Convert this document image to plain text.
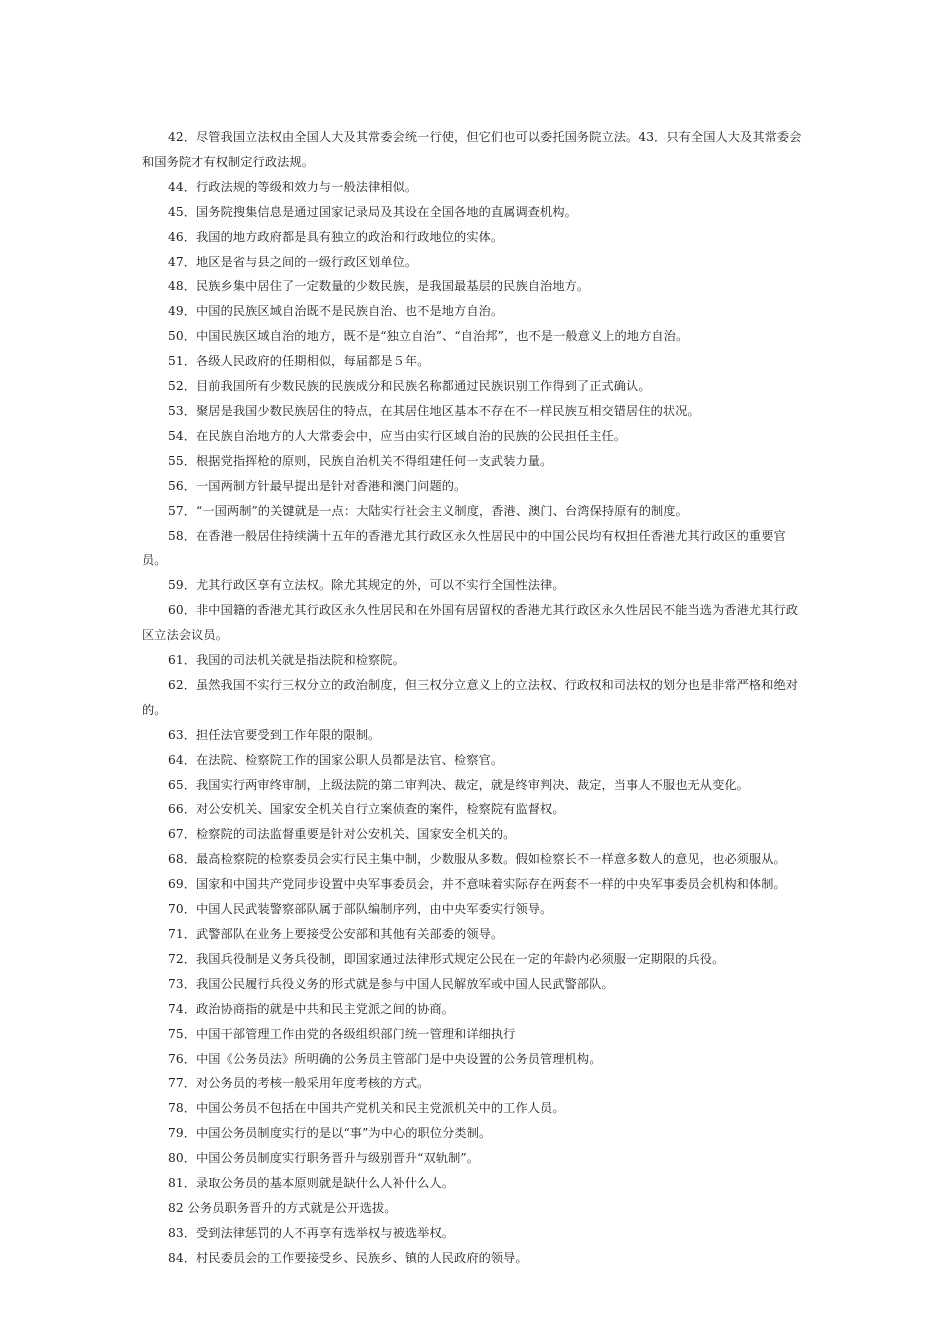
42．尽管我国立法权由全国人大及其常委会统一行使，但它们也可以委托国务院立法。43．只有全国人大及其常委会和国务院才有权制定行政法规。

44．行政法规的等级和效力与一般法律相似。

45．国务院搜集信息是通过国家记录局及其设在全国各地的直属调查机构。

46．我国的地方政府都是具有独立的政治和行政地位的实体。

47．地区是省与县之间的一级行政区划单位。

48．民族乡集中居住了一定数量的少数民族，是我国最基层的民族自治地方。

49．中国的民族区域自治既不是民族自治、也不是地方自治。

50．中国民族区域自治的地方，既不是“独立自治”、“自治邦”，也不是一般意义上的地方自治。

51．各级人民政府的任期相似，每届都是５年。

52．目前我国所有少数民族的民族成分和民族名称都通过民族识别工作得到了正式确认。

53．聚居是我国少数民族居住的特点，在其居住地区基本不存在不一样民族互相交错居住的状况。

54．在民族自治地方的人大常委会中，应当由实行区域自治的民族的公民担任主任。

55．根据党指挥枪的原则，民族自治机关不得组建任何一支武装力量。

56．一国两制方针最早提出是针对香港和澳门问题的。

57．“一国两制”的关键就是一点：大陆实行社会主义制度，香港、澳门、台湾保持原有的制度。

58．在香港一般居住持续满十五年的香港尤其行政区永久性居民中的中国公民均有权担任香港尤其行政区的重要官员。

59．尤其行政区享有立法权。除尤其规定的外，可以不实行全国性法律。

60．非中国籍的香港尤其行政区永久性居民和在外国有居留权的香港尤其行政区永久性居民不能当选为香港尤其行政区立法会议员。

61．我国的司法机关就是指法院和检察院。

62．虽然我国不实行三权分立的政治制度，但三权分立意义上的立法权、行政权和司法权的划分也是非常严格和绝对的。

63．担任法官要受到工作年限的限制。

64．在法院、检察院工作的国家公职人员都是法官、检察官。

65．我国实行两审终审制，上级法院的第二审判决、裁定，就是终审判决、裁定，当事人不服也无从变化。

66．对公安机关、国家安全机关自行立案侦查的案件，检察院有监督权。

67．检察院的司法监督重要是针对公安机关、国家安全机关的。

68．最高检察院的检察委员会实行民主集中制，少数服从多数。假如检察长不一样意多数人的意见，也必须服从。

69．国家和中国共产党同步设置中央军事委员会，并不意味着实际存在两套不一样的中央军事委员会机构和体制。

70．中国人民武装警察部队属于部队编制序列，由中央军委实行领导。

71．武警部队在业务上要接受公安部和其他有关部委的领导。

72．我国兵役制是义务兵役制，即国家通过法律形式规定公民在一定的年龄内必须服一定期限的兵役。

73．我国公民履行兵役义务的形式就是参与中国人民解放军或中国人民武警部队。

74．政治协商指的就是中共和民主党派之间的协商。

75．中国干部管理工作由党的各级组织部门统一管理和详细执行

76．中国《公务员法》所明确的公务员主管部门是中央设置的公务员管理机构。

77．对公务员的考核一般采用年度考核的方式。

78．中国公务员不包括在中国共产党机关和民主党派机关中的工作人员。

79．中国公务员制度实行的是以“事”为中心的职位分类制。

80．中国公务员制度实行职务晋升与级别晋升“双轨制”。

81．录取公务员的基本原则就是缺什么人补什么人。

82 公务员职务晋升的方式就是公开选拔。

83．受到法律惩罚的人不再享有选举权与被选举权。

84．村民委员会的工作要接受乡、民族乡、镇的人民政府的领导。
